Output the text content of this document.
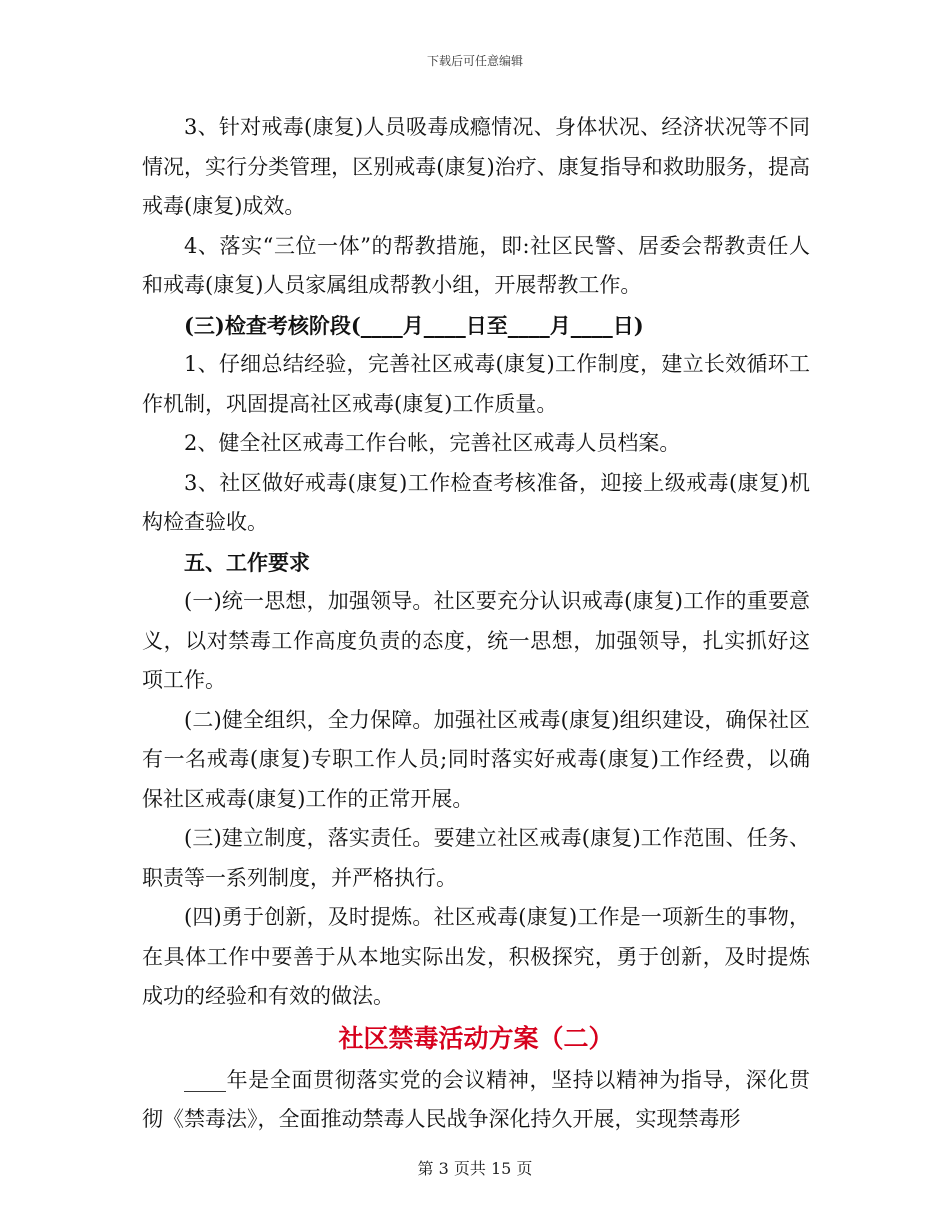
下载后可任意编辑

3、针对戒毒(康复)人员吸毒成瘾情况、身体状况、经济状况等不同情况，实行分类管理，区别戒毒(康复)治疗、康复指导和救助服务，提高戒毒(康复)成效。

4、落实“三位一体”的帮教措施，即:社区民警、居委会帮教责任人和戒毒(康复)人员家属组成帮教小组，开展帮教工作。

(三)检查考核阶段(____月____日至____月____日)

1、仔细总结经验，完善社区戒毒(康复)工作制度，建立长效循环工作机制，巩固提高社区戒毒(康复)工作质量。

2、健全社区戒毒工作台帐，完善社区戒毒人员档案。

3、社区做好戒毒(康复)工作检查考核准备，迎接上级戒毒(康复)机构检查验收。

五、工作要求

(一)统一思想，加强领导。社区要充分认识戒毒(康复)工作的重要意义，以对禁毒工作高度负责的态度，统一思想，加强领导，扎实抓好这项工作。

(二)健全组织，全力保障。加强社区戒毒(康复)组织建设，确保社区有一名戒毒(康复)专职工作人员;同时落实好戒毒(康复)工作经费，以确保社区戒毒(康复)工作的正常开展。

(三)建立制度，落实责任。要建立社区戒毒(康复)工作范围、任务、职责等一系列制度，并严格执行。

(四)勇于创新，及时提炼。社区戒毒(康复)工作是一项新生的事物，在具体工作中要善于从本地实际出发，积极探究，勇于创新，及时提炼成功的经验和有效的做法。

社区禁毒活动方案（二）

____年是全面贯彻落实党的会议精神，坚持以精神为指导，深化贯彻《禁毒法》，全面推动禁毒人民战争深化持久开展，实现禁毒形

第 3 页共 15 页
